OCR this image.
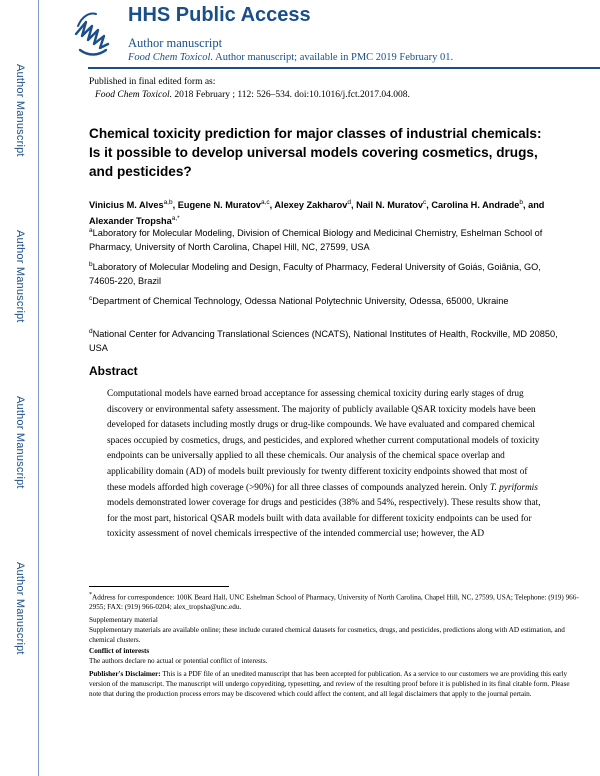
Author Manuscript
Author Manuscript
Author Manuscript
Author Manuscript
HHS Public Access
Author manuscript
Food Chem Toxicol. Author manuscript; available in PMC 2019 February 01.
Published in final edited form as:
Food Chem Toxicol. 2018 February ; 112: 526–534. doi:10.1016/j.fct.2017.04.008.
Chemical toxicity prediction for major classes of industrial chemicals: Is it possible to develop universal models covering cosmetics, drugs, and pesticides?
Vinicius M. Alves$^{a,b}$, Eugene N. Muratov$^{a,c}$, Alexey Zakharov$^d$, Nail N. Muratov$^c$, Carolina H. Andrade$^b$, and Alexander Tropsha$^{a,*}$
$^a$Laboratory for Molecular Modeling, Division of Chemical Biology and Medicinal Chemistry, Eshelman School of Pharmacy, University of North Carolina, Chapel Hill, NC, 27599, USA
$^b$Laboratory of Molecular Modeling and Design, Faculty of Pharmacy, Federal University of Goiás, Goiânia, GO, 74605-220, Brazil
$^c$Department of Chemical Technology, Odessa National Polytechnic University, Odessa, 65000, Ukraine
$^d$National Center for Advancing Translational Sciences (NCATS), National Institutes of Health, Rockville, MD 20850, USA
Abstract
Computational models have earned broad acceptance for assessing chemical toxicity during early stages of drug discovery or environmental safety assessment. The majority of publicly available QSAR toxicity models have been developed for datasets including mostly drugs or drug-like compounds. We have evaluated and compared chemical spaces occupied by cosmetics, drugs, and pesticides, and explored whether current computational models of toxicity endpoints can be universally applied to all these chemicals. Our analysis of the chemical space overlap and applicability domain (AD) of models built previously for twenty different toxicity endpoints showed that most of these models afforded high coverage (>90%) for all three classes of compounds analyzed herein. Only T. pyriformis models demonstrated lower coverage for drugs and pesticides (38% and 54%, respectively). These results show that, for the most part, historical QSAR models built with data available for different toxicity endpoints can be used for toxicity assessment of novel chemicals irrespective of the intended commercial use; however, the AD
*Address for correspondence: 100K Beard Hall, UNC Eshelman School of Pharmacy, University of North Carolina, Chapel Hill, NC, 27599, USA; Telephone: (919) 966-2955; FAX: (919) 966-0204; alex_tropsha@unc.edu.
Supplementary material
Supplementary materials are available online; these include curated chemical datasets for cosmetics, drugs, and pesticides, predictions along with AD estimation, and chemical clusters.
Conflict of interests
The authors declare no actual or potential conflict of interests.
Publisher's Disclaimer: This is a PDF file of an unedited manuscript that has been accepted for publication. As a service to our customers we are providing this early version of the manuscript. The manuscript will undergo copyediting, typesetting, and review of the resulting proof before it is published in its final citable form. Please note that during the production process errors may be discovered which could affect the content, and all legal disclaimers that apply to the journal pertain.
